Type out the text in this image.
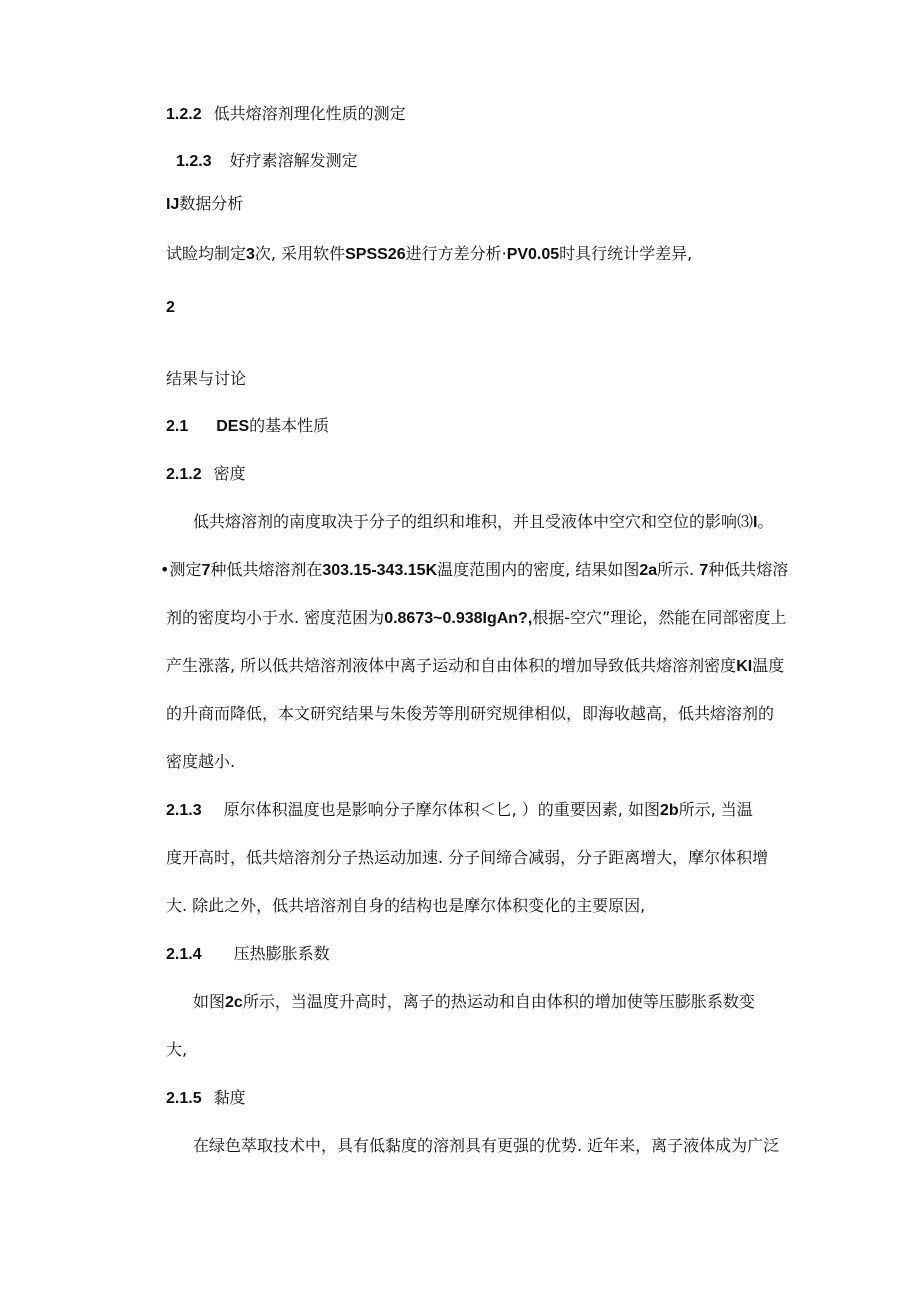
1.2.2 低共熔溶剂理化性质的测定
1.2.3 好疗素溶解发测定
IJ数据分析
试睑均制定3次, 采用软件SPSS26进行方差分析·PV0.05时具行统计学差异,
2
结果与讨论
2.1 DES的基本性质
2.1.2 密度
低共熔溶剂的南度取决于分子的组织和堆积，并且受液体中空穴和空位的影响⑶I。
•测定7种低共熔溶剂在303.15-343.15K温度范围内的密度, 结果如图2a所示. 7种低共熔溶
剂的密度均小于水. 密度范困为0.8673~0.938IgAn?,根据-空穴”理论，然能在同部密度上
产生涨落, 所以低共焙溶剂液体中离子运动和自由体积的增加导致低共熔溶剂密度KI温度
的升商而降低，本文研究结果与朱俊芳等刖研究规律相似，即海收越高，低共熔溶剂的
密度越小.
2.1.3 原尔体积温度也是影响分子摩尔体积＜匕, ）的重要因素, 如图2b所示, 当温
度开高时，低共焙溶剂分子热运动加速. 分子间缔合减弱，分子距离增大，摩尔体积增
大. 除此之外，低共培溶剂自身的结构也是摩尔体积变化的主要原因,
2.1.4 压热膨胀系数
如图2c所示，当温度升高时，离子的热运动和自由体积的增加使等压膨胀系数变
大,
2.1.5 黏度
在绿色萃取技术中，具有低黏度的溶剂具有更强的优势. 近年来，离子液体成为广泛
